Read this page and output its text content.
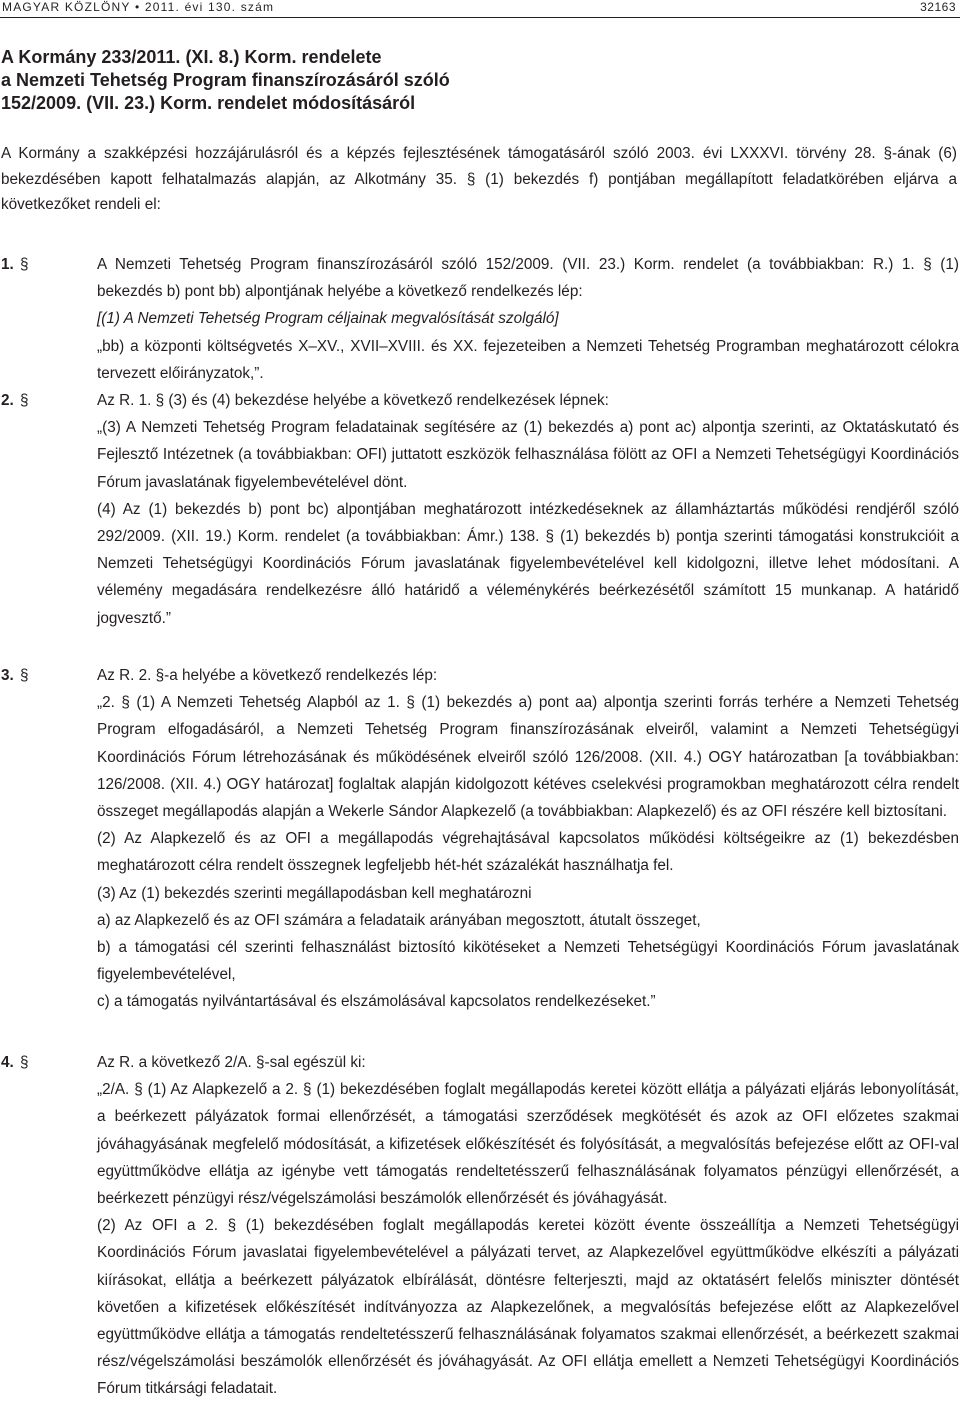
MAGYAR KÖZLÖNY • 2011. évi 130. szám	32163
A Kormány 233/2011. (XI. 8.) Korm. rendelete
a Nemzeti Tehetség Program finanszírozásáról szóló
152/2009. (VII. 23.) Korm. rendelet módosításáról
A Kormány a szakképzési hozzájárulásról és a képzés fejlesztésének támogatásáról szóló 2003. évi LXXXVI. törvény 28. §-ának (6) bekezdésében kapott felhatalmazás alapján, az Alkotmány 35. § (1) bekezdés f) pontjában megállapított feladatkörében eljárva a következőket rendeli el:
1. §	A Nemzeti Tehetség Program finanszírozásáról szóló 152/2009. (VII. 23.) Korm. rendelet (a továbbiakban: R.) 1. § (1) bekezdés b) pont bb) alpontjának helyébe a következő rendelkezés lép:

[(1) A Nemzeti Tehetség Program céljainak megvalósítását szolgáló]

„bb) a központi költségvetés X–XV., XVII–XVIII. és XX. fejezeteiben a Nemzeti Tehetség Programban meghatározott célokra tervezett előirányzatok,”.

2. §	Az R. 1. § (3) és (4) bekezdése helyébe a következő rendelkezések lépnek:

„(3) A Nemzeti Tehetség Program feladatainak segítésére az (1) bekezdés a) pont ac) alpontja szerinti, az Oktatáskutató és Fejlesztő Intézetnek (a továbbiakban: OFI) juttatott eszközök felhasználása fölött az OFI a Nemzeti Tehetségügyi Koordinációs Fórum javaslatának figyelembevételével dönt.

(4) Az (1) bekezdés b) pont bc) alpontjában meghatározott intézkedéseknek az államháztartás működési rendjéről szóló 292/2009. (XII. 19.) Korm. rendelet (a továbbiakban: Ámr.) 138. § (1) bekezdés b) pontja szerinti támogatási konstrukcióit a Nemzeti Tehetségügyi Koordinációs Fórum javaslatának figyelembevételével kell kidolgozni, illetve lehet módosítani. A vélemény megadására rendelkezésre álló határidő a véleménykérés beérkezésétől számított 15 munkanap. A határidő jogvesztő.”

3. §	Az R. 2. §-a helyébe a következő rendelkezés lép:

„2. § (1) A Nemzeti Tehetség Alapból az 1. § (1) bekezdés a) pont aa) alpontja szerinti forrás terhére a Nemzeti Tehetség Program elfogadásáról, a Nemzeti Tehetség Program finanszírozásának elveiről, valamint a Nemzeti Tehetségügyi Koordinációs Fórum létrehozásának és működésének elveiről szóló 126/2008. (XII. 4.) OGY határozatban [a továbbiakban: 126/2008. (XII. 4.) OGY határozat] foglaltak alapján kidolgozott kétéves cselekvési programokban meghatározott célra rendelt összeget megállapodás alapján a Wekerle Sándor Alapkezelő (a továbbiakban: Alapkezelő) és az OFI részére kell biztosítani.

(2) Az Alapkezelő és az OFI a megállapodás végrehajtásával kapcsolatos működési költségeikre az (1) bekezdésben meghatározott célra rendelt összegnek legfeljebb hét-hét százalékát használhatja fel.

(3) Az (1) bekezdés szerinti megállapodásban kell meghatározni

a) az Alapkezelő és az OFI számára a feladataik arányában megosztott, átutalt összeget,

b) a támogatási cél szerinti felhasználást biztosító kikötéseket a Nemzeti Tehetségügyi Koordinációs Fórum javaslatának figyelembevételével,

c) a támogatás nyilvántartásával és elszámolásával kapcsolatos rendelkezéseket.”

4. §	Az R. a következő 2/A. §-sal egészül ki:

„2/A. § (1) Az Alapkezelő a 2. § (1) bekezdésében foglalt megállapodás keretei között ellátja a pályázati eljárás lebonyolítását, a beérkezett pályázatok formai ellenőrzését, a támogatási szerződések megkötését és azok az OFI előzetes szakmai jóváhagyásának megfelelő módosítását, a kifizetések előkészítését és folyósítását, a megvalósítás befejezése előtt az OFI-val együttműködve ellátja az igénybe vett támogatás rendeltetésszerű felhasználásának folyamatos pénzügyi ellenőrzését, a beérkezett pénzügyi rész/végelszámolási beszámolók ellenőrzését és jóváhagyását.

(2) Az OFI a 2. § (1) bekezdésében foglalt megállapodás keretei között évente összeállítja a Nemzeti Tehetségügyi Koordinációs Fórum javaslatai figyelembevételével a pályázati tervet, az Alapkezelővel együttműködve elkészíti a pályázati kiírásokat, ellátja a beérkezett pályázatok elbírálását, döntésre felterjeszti, majd az oktatásért felelős miniszter döntését követően a kifizetések előkészítését indítványozza az Alapkezelőnek, a megvalósítás befejezése előtt az Alapkezelővel együttműködve ellátja a támogatás rendeltetésszerű felhasználásának folyamatos szakmai ellenőrzését, a beérkezett szakmai rész/végelszámolási beszámolók ellenőrzését és jóváhagyását. Az OFI ellátja emellett a Nemzeti Tehetségügyi Koordinációs Fórum titkársági feladatait.
